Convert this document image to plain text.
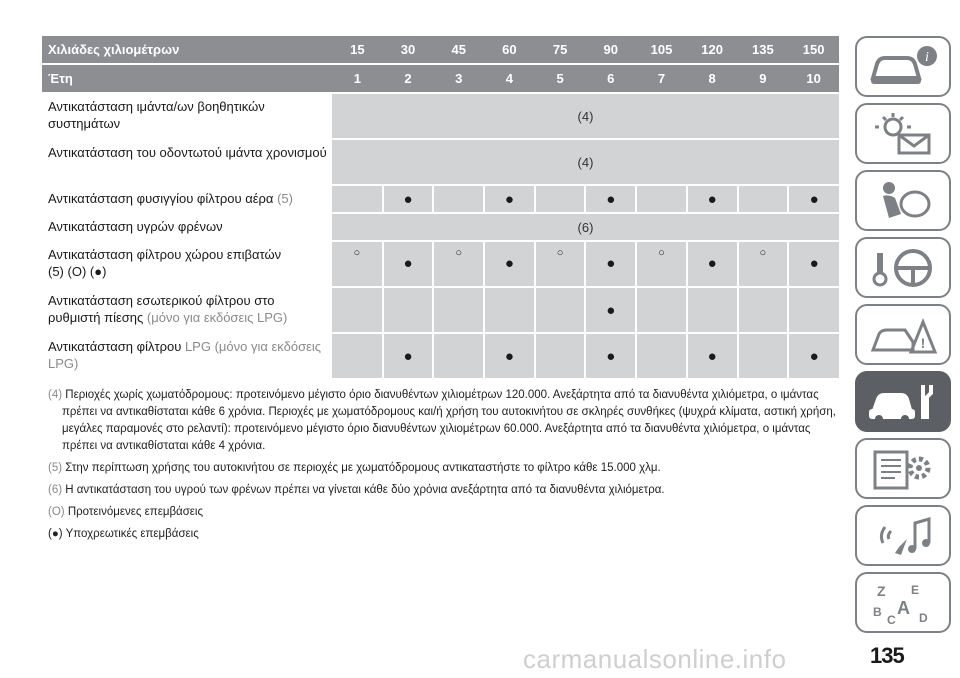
Χιλιάδες χιλιομέτρων	15	30	45	60	75	90	105	120	135	150
Έτη	1	2	3	4	5	6	7	8	9	10
Αντικατάσταση ιμάντα/ων βοηθητικών συστημάτων	(4)									
Αντικατάσταση του οδοντωτού ιμάντα χρονισμού	(4)									
Αντικατάσταση φυσιγγίου φίλτρου αέρα (5)		●		●		●		●		●

Αντικατάσταση υγρών φρένων	(6)									
Αντικατάσταση φίλτρου χώρου επιβατών
(5) (O) (●)	○	●	○	●	○	●	○	●	○	●

Αντικατάσταση εσωτερικού φίλτρου στο ρυθμιστή πίεσης (μόνο για εκδόσεις LPG)						●				

Αντικατάσταση φίλτρου LPG (μόνο για εκδόσεις LPG)		●		●		●		●		●

(4) Περιοχές χωρίς χωματόδρομους: προτεινόμενο μέγιστο όριο διανυθέντων χιλιομέτρων 120.000. Ανεξάρτητα από τα διανυθέντα χιλιόμετρα, ο ιμάντας πρέπει να αντικαθίσταται κάθε 6 χρόνια. Περιοχές με χωματόδρομους και/ή χρήση του αυτοκινήτου σε σκληρές συνθήκες (ψυχρά κλίματα, αστική χρήση, μεγάλες παραμονές στο ρελαντί): προτεινόμενο μέγιστο όριο διανυθέντων χιλιομέτρων 60.000. Ανεξάρτητα από τα διανυθέντα χιλιόμετρα, ο ιμάντας πρέπει να αντικαθίσταται κάθε 4 χρόνια.

(5) Στην περίπτωση χρήσης του αυτοκινήτου σε περιοχές με χωματόδρομους αντικαταστήστε το φίλτρο κάθε 15.000 χλμ.

(6) Η αντικατάσταση του υγρού των φρένων πρέπει να γίνεται κάθε δύο χρόνια ανεξάρτητα από τα διανυθέντα χιλιόμετρα.

(O) Προτεινόμενες επεμβάσεις

(●) Υποχρεωτικές επεμβάσεις

i
!
Z E
B A
C D
carmanualsonline.info	135
